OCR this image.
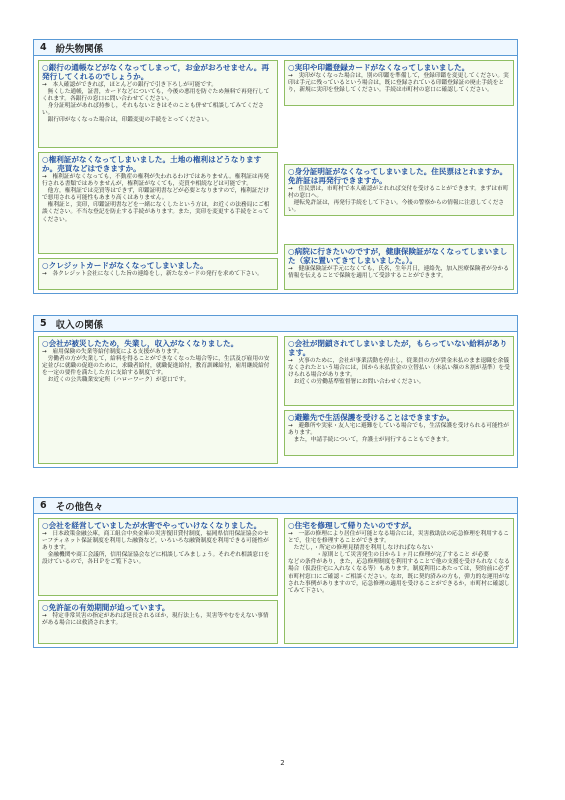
4 紛失物関係
○銀行の通帳などがなくなってしまって，お金がおろせません。再発行してくれるのでしょうか。
→　本人確認ができれば，ほとんどの銀行で引き下ろしが可能です。
　無くした通帳，証書，カードなどについても，今後の悪用を防ぐため無料で再発行してくれます。各銀行の窓口に問い合わせてください。
　身分証明証があれば持参し，それもないときはそのことも併せて相談してみてください。
　銀行印がなくなった場合は，印鑑変更の手続をとってください。
○権利証がなくなってしまいました。土地の権利はどうなりますか。売買などはできますか。
→　権利証がなくなっても，不動産の権利が失われるわけではありません。権利証は再発行される書類ではありませんが，権利証がなくても，売買や相続などは可能です。
　他方，権利証では売買等はできず，印鑑証明書などが必要となりますので，権利証だけで悪用される可能性もあまり高くはありません。
　権利証と，実印，印鑑証明書などを一緒になくしたという方は，お近くの法務局にご相談ください。不当な登記を防止する手続があります。また，実印を変更する手続をとってください。
○クレジットカードがなくなってしまいました。
→　各クレジット会社になくした旨の連絡をし，新たなカードの発行を求めて下さい。
○実印や印鑑登録カードがなくなってしまいました。
→　実印がなくなった場合は，別の印鑑を準備して，登録印鑑を変更してください。実印は手元に残っているという場合は，既に登録されている印鑑登録証の廃止手続をとり，新規に実印を登録してください。手続は市町村の窓口に確認してください。
○身分証明証がなくなってしまいました。住民票はとれますか。免許証は再発行できますか。
→　住民票は，市町村で本人確認がとれれば交付を受けることができます。まずは市町村の窓口へ。
　運転免許証は，再発行手続をして下さい。今後の警察からの情報に注意してください。
○病院に行きたいのですが，健康保険証がなくなってしまいました（家に置いてきてしまいました。）。
→　健康保険証が手元になくても，氏名，生年月日，連絡先，加入医療保険者が分かる情報を伝えることで保険を適用して受診することができます。
5 収入の関係
○会社が被災したため，失業し，収入がなくなりました。
→　雇用保険の失業等給付制度による支援があります。
　労働者の方が失業して，給料を得ることができなくなった場合等に，生活及び雇用の安定並びに就職の促進のために，求職者給付，就職促進給付，教育訓練給付，雇用継続給付を一定の要件を満たした方に支給する制度です。
　お近くの公共職業安定所（ハローワーク）が窓口です。
○会社が閉鎖されてしまいましたが，もらっていない給料があります。
→　火事のために，会社が事業活動を停止し，従業員の方が賃金未払のまま退職を余儀なくされたという場合には，国から未払賃金の立替払い（未払い額の８割が基準）を受けられる場合があります。
　お近くの労働基準監督署にお問い合わせください。
○避難先で生活保護を受けることはできますか。
→　避難所や実家・友人宅に避難をしている場合でも，生活保護を受けられる可能性があります。
　また，申請手続について，弁護士が同行することもできます。
6 その他色々
○会社を経営していましたが水害でやっていけなくなりました。
→　日本政策金融公庫，商工組合中央金庫の災害復旧貸付制度，福岡県信用保証協会のセーフティネット保証制度を利用した融資など，いろいろな融資制度を利用できる可能性があります。
　金融機関や商工会議所，信用保証協会などに相談してみましょう。それぞれ相談窓口を設けているので，各ＨＰをご覧下さい。
○免許証の有効期間が迫っています。
→　特定非常災害の指定があれば延長されるほか，現行法上も，災害等やむをえない事情がある場合には救済されます。
○住宅を修理して帰りたいのですが。
→　一部の修理により居住が可能となる場合には，災害救助法の応急修理を利用することで，住宅を修理することができます。
　ただし，・所定の修理見積書を利用しなければならない
　　　　　・原則として災害発生の日から１ヶ月に修理が完了すること が必要
などの条件があり，また，応急修理制度を利用することで他の支援を受けられなくなる場合（仮設住宅に入れなくなる等）もあります。制度利用にあたっては，契約前に必ず市町村窓口にご確認・ご相談ください。なお，既に契約済みの方も，弾力的な運用がなされた事例がありますので，応急修理の適用を受けることができるか，市町村に確認してみて下さい。
2
